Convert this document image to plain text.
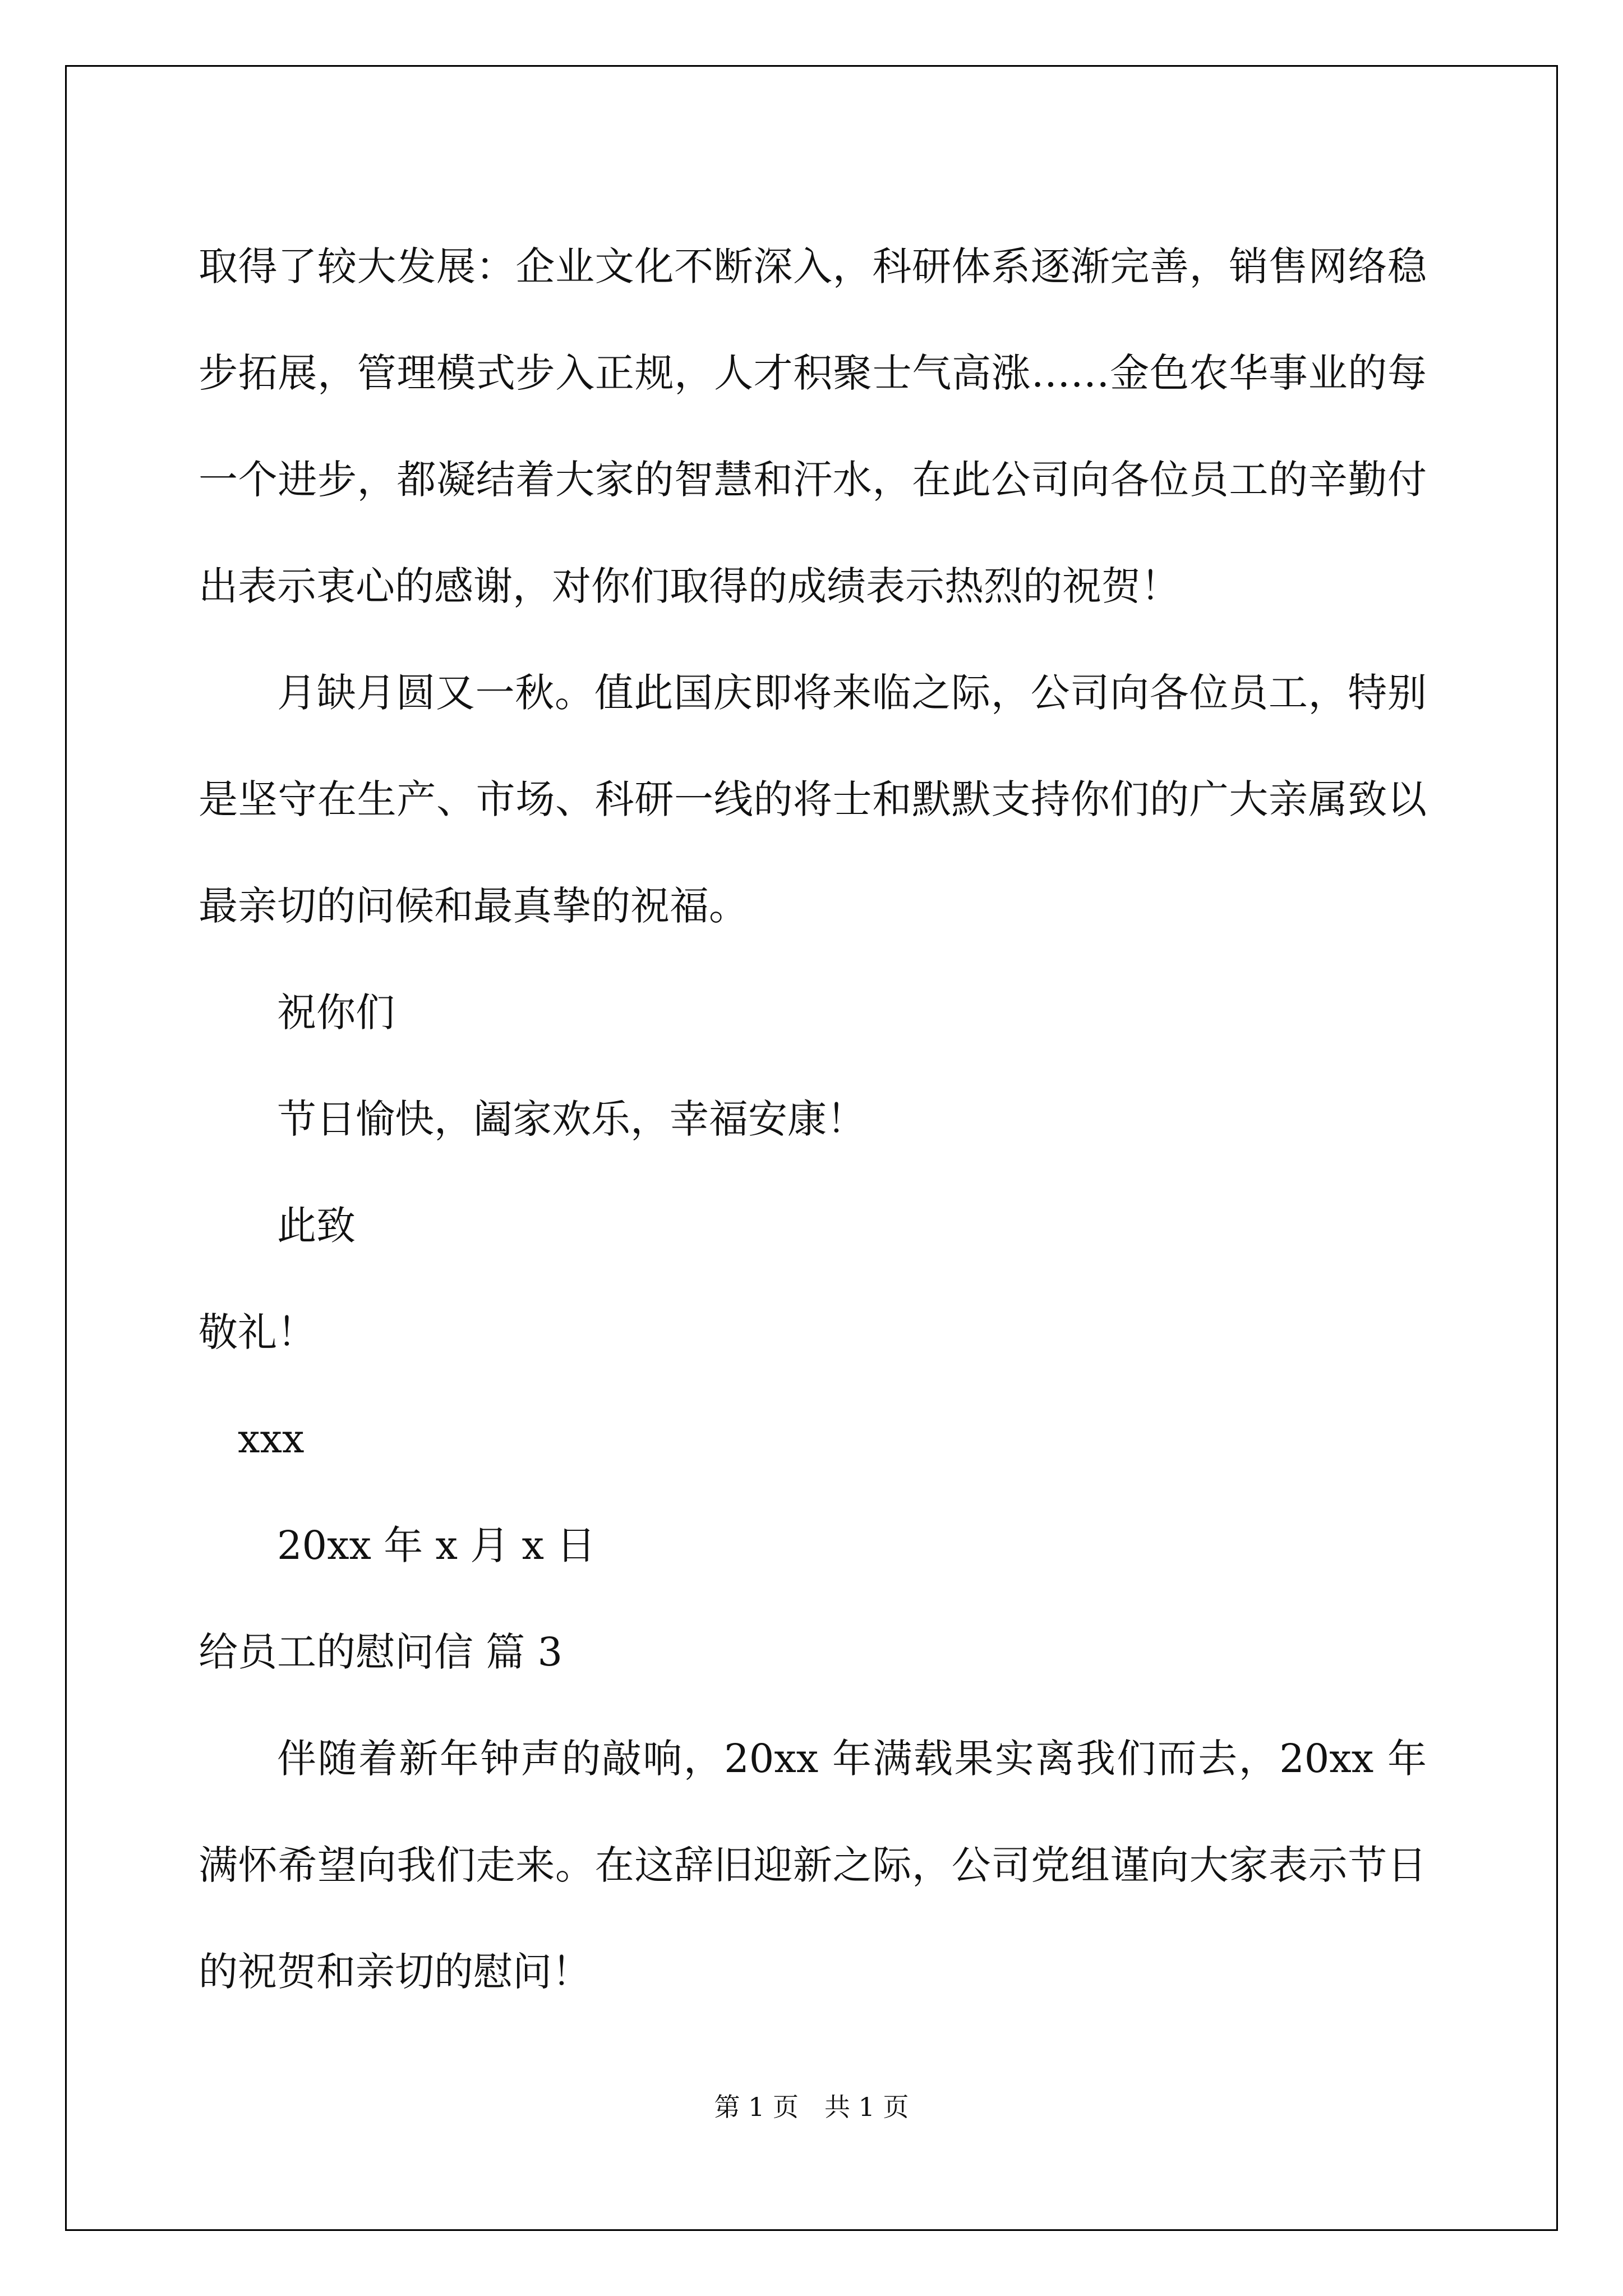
取得了较大发展：企业文化不断深入，科研体系逐渐完善，销售网络稳步拓展，管理模式步入正规，人才积聚士气高涨……金色农华事业的每一个进步，都凝结着大家的智慧和汗水，在此公司向各位员工的辛勤付出表示衷心的感谢，对你们取得的成绩表示热烈的祝贺！

月缺月圆又一秋。值此国庆即将来临之际，公司向各位员工，特别是坚守在生产、市场、科研一线的将士和默默支持你们的广大亲属致以最亲切的问候和最真挚的祝福。

祝你们

节日愉快，阖家欢乐，幸福安康！

此致

敬礼！

xxx

20xx 年 x 月 x 日

给员工的慰问信 篇 3

伴随着新年钟声的敲响，20xx 年满载果实离我们而去，20xx 年满怀希望向我们走来。在这辞旧迎新之际，公司党组谨向大家表示节日的祝贺和亲切的慰问！

第 1 页　共 1 页
